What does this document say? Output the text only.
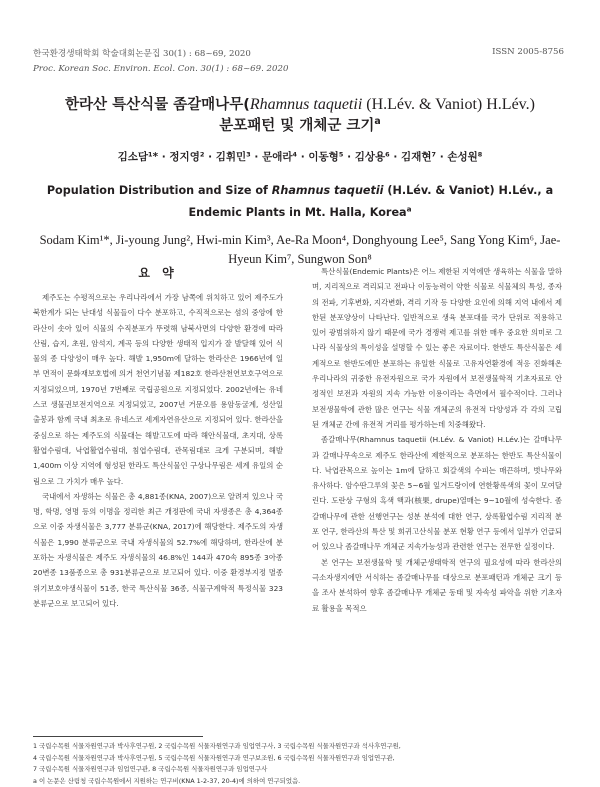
한국환경생태학회 학술대회논문집 30(1) : 68~69, 2020	ISSN 2005-8756
Proc. Korean Soc. Environ. Ecol. Con. 30(1) : 68~69. 2020
한라산 특산식물 좀갈매나무(Rhamnus taquetii (H.Lév. & Vaniot) H.Lév.)
분포패턴 및 개체군 크기$^a$
김소담¹* · 정지영² · 김휘민³ · 문애라⁴ · 이동형⁵ · 김상용⁶ · 김재현⁷ · 손성원⁸
Population Distribution and Size of Rhamnus taquetii (H.Lév. & Vaniot) H.Lév., a Endemic Plants in Mt. Halla, Korea$^a$
Sodam Kim¹*, Ji-young Jung², Hwi-min Kim³, Ae-Ra Moon⁴, Donghyoung Lee⁵, Sang Yong Kim⁶, Jae-Hyeun Kim⁷, Sungwon Son⁸
요 약

제주도는 수평적으로는 우리나라에서 가장 남쪽에 위치하고 있어 제주도가 북한계가 되는 난대성 식물들이 다수 분포하고, 수직적으로는 섬의 중앙에 한라산이 솟아 있어 식물의 수직분포가 뚜렷해 남북사면의 다양한 환경에 따라 산림, 습지, 초원, 암석지, 계곡 등의 다양한 생태적 입지가 잘 발달해 있어 식물의 종 다양성이 매우 높다. 해발 1,950m에 달하는 한라산은 1966년에 일부 면적이 문화재보호법에 의거 천연기념물 제182호 한라산천연보호구역으로 지정되었으며, 1970년 7번째로 국립공원으로 지정되었다. 2002년에는 유네스코 생물권보전지역으로 지정되었고, 2007년 거문오름 용암동굴계, 성산일출봉과 함께 국내 최초로 유네스코 세계자연유산으로 지정되어 있다. 한라산을 중심으로 하는 제주도의 식물대는 해발고도에 따라 해안식물대, 초지대, 상록활엽수림대, 낙엽활엽수림대, 침엽수림대, 관목림대로 크게 구분되며, 해발 1,400m 이상 지역에 형성된 한라도 특산식물인 구상나무림은 세계 유일의 순림으로 그 가치가 매우 높다.

국내에서 자생하는 식물은 총 4,881종(KNA, 2007)으로 알려져 있으나 국명, 학명, 영명 등의 이명을 정리한 최근 개정판에 국내 자생종은 총 4,364종으로 이중 자생식물은 3,777 분류군(KNA, 2017)에 해당한다. 제주도의 자생식물은 1,990 분류군으로 국내 자생식물의 52.7%에 해당하며, 한라산에 분포하는 자생식물은 제주도 자생식물의 46.8%인 144과 470속 895종 3아종 20변종 13품종으로 총 931분류군으로 보고되어 있다. 이중 환경부지정 멸종위기보호야생식물이 51종, 한국 특산식물 36종, 식물구계학적 특정식물 323분류군으로 보고되어 있다.

특산식물(Endemic Plants)은 어느 제한된 지역에만 생육하는 식물을 말하며, 지리적으로 격리되고 전파나 이동능력이 약한 식물로 식물체의 특성, 종자의 전파, 기후변화, 지각변화, 격리 기작 등 다양한 요인에 의해 지역 내에서 제한된 분포양상이 나타난다. 일반적으로 생육 분포대를 국가 단위로 적용하고 있어 광범위하지 않기 때문에 국가 경쟁력 제고를 위한 매우 중요한 의미로 그 나라 식물상의 특이성을 설명할 수 있는 좋은 자료이다. 한반도 특산식물은 세계적으로 한반도에만 분포하는 유일한 식물로 고유자연환경에 적응 진화해온 우리나라의 귀중한 유전자원으로 국가 자원에서 보전생물학적 기초자료로 안정적인 보전과 자원의 지속 가능한 이용이라는 측면에서 필수적이다. 그러나 보전생물학에 관한 많은 연구는 식물 개체군의 유전적 다양성과 각 각의 고립된 개체군 간에 유전적 거리를 평가하는데 치중해왔다.

좀갈매나무(Rhamnus taquetii (H.Lév. & Vaniot) H.Lév.)는 갈매나무과 갈매나무속으로 제주도 한라산에 제한적으로 분포하는 한반도 특산식물이다. 낙엽관목으로 높이는 1m에 달하고 회갈색의 수피는 매끈하며, 벗나무와 유사하다. 암수딴그루의 꽃은 5~6월 잎겨드랑이에 연한황록색의 꽃이 모여달린다. 도란상 구형의 흑색 핵과(核果, drupe)열매는 9~10월에 성숙한다. 좀갈매나무에 관한 선행연구는 성분 분석에 대한 연구, 상록활엽수림 지리적 분포 연구, 한라산의 특산 및 희귀고산식물 분포 현황 연구 등에서 일부가 언급되어 있으나 좀갈매나무 개체군 지속가능성과 관련한 연구는 전무한 실정이다.

본 연구는 보전생물학 및 개체군생태학적 연구의 필요성에 따라 한라산의 극소자생지에만 서식하는 좀갈매나무를 대상으로 분포패턴과 개체군 크기 등을 조사 분석하여 향후 좀갈매나무 개체군 동태 및 자속성 파악을 위한 기초자료 활용을 목적으

1 국립수목원 식물자원연구과 박사후연구원, 2 국립수목원 식물자원연구과 임업연구사, 3 국립수목원 식물자원연구과 석사후연구원,
4 국립수목원 식물자원연구과 박사후연구원, 5 국립수목원 식물자원연구과 연구보조원, 6 국립수목원 식물자원연구과 임업연구관,
7 국립수목원 식물자원연구과 임업연구관, 8 국립수목원 식물자원연구과 임업연구사
a 이 논문은 산림청 국립수목원에서 지원하는 연구비(KNA 1-2-37, 20-4)에 의하여 연구되었음.
